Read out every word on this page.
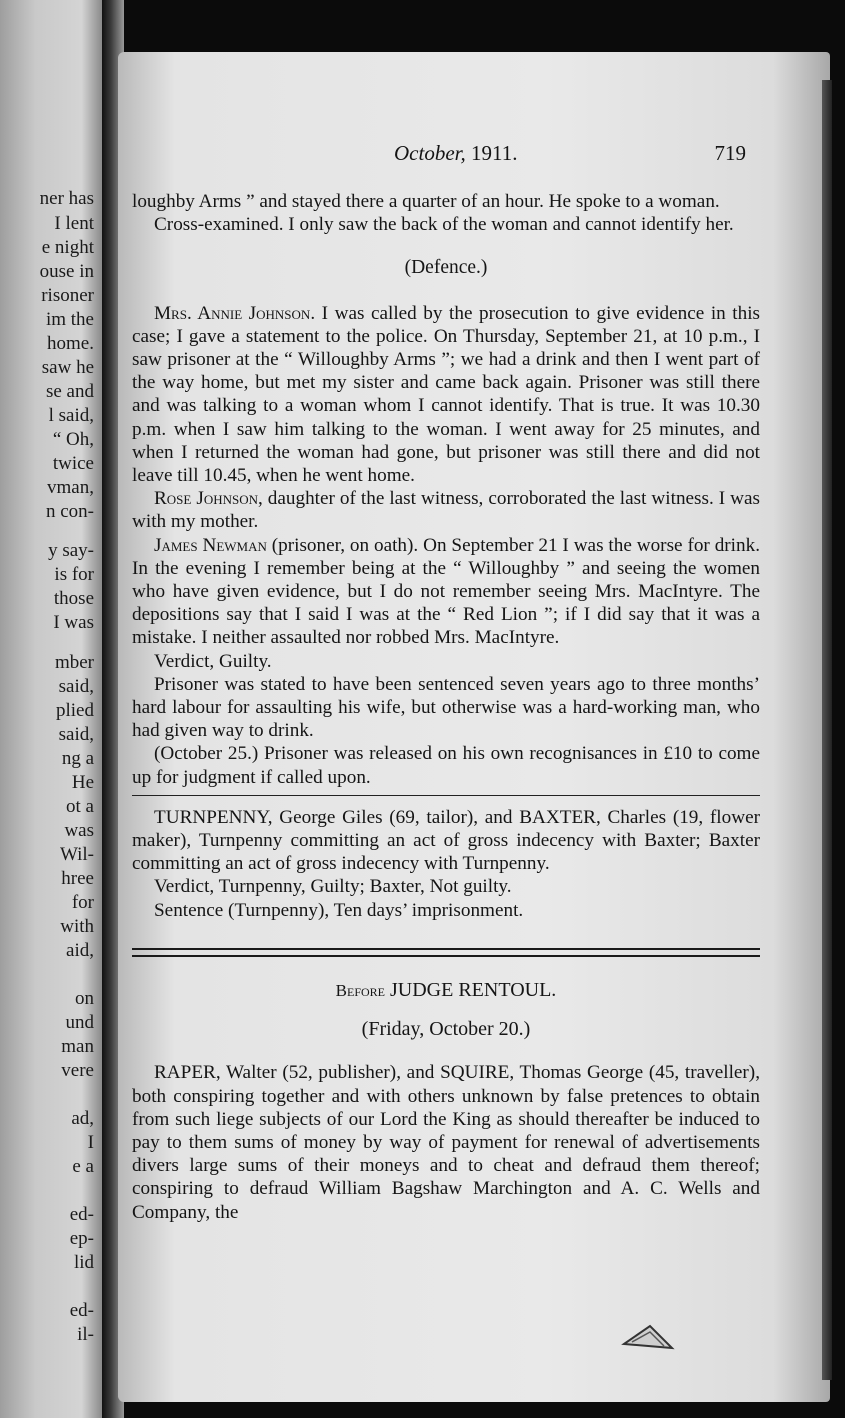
ner has
I lent
e night
ouse in
risoner
im the
home.
saw he
se and
l said,
“ Oh,
twice
vman,
n con-
y say-
is for
those
I was
mber
said,
plied
said,
ng a
He
ot a
was
Wil-
hree
for
with
aid,
on
und
man
vere
ad,
I
e a
ed-
ep-
lid
ed-
il-
October, 1911.	719

loughby Arms ” and stayed there a quarter of an hour. He spoke to a woman.

Cross-examined. I only saw the back of the woman and cannot identify her.

(Defence.)

Mrs. Annie Johnson. I was called by the prosecution to give evidence in this case; I gave a statement to the police. On Thursday, September 21, at 10 p.m., I saw prisoner at the “ Willoughby Arms ”; we had a drink and then I went part of the way home, but met my sister and came back again. Prisoner was still there and was talking to a woman whom I cannot identify. That is true. It was 10.30 p.m. when I saw him talking to the woman. I went away for 25 minutes, and when I returned the woman had gone, but prisoner was still there and did not leave till 10.45, when he went home.

Rose Johnson, daughter of the last witness, corroborated the last witness. I was with my mother.

James Newman (prisoner, on oath). On September 21 I was the worse for drink. In the evening I remember being at the “ Willoughby ” and seeing the women who have given evidence, but I do not remember seeing Mrs. MacIntyre. The depositions say that I said I was at the “ Red Lion ”; if I did say that it was a mistake. I neither assaulted nor robbed Mrs. MacIntyre.

Verdict, Guilty.

Prisoner was stated to have been sentenced seven years ago to three months’ hard labour for assaulting his wife, but otherwise was a hard-working man, who had given way to drink.

(October 25.) Prisoner was released on his own recognisances in £10 to come up for judgment if called upon.

TURNPENNY, George Giles (69, tailor), and BAXTER, Charles (19, flower maker), Turnpenny committing an act of gross indecency with Baxter; Baxter committing an act of gross indecency with Turnpenny.

Verdict, Turnpenny, Guilty; Baxter, Not guilty.

Sentence (Turnpenny), Ten days’ imprisonment.

Before JUDGE RENTOUL.
(Friday, October 20.)

RAPER, Walter (52, publisher), and SQUIRE, Thomas George (45, traveller), both conspiring together and with others unknown by false pretences to obtain from such liege subjects of our Lord the King as should thereafter be induced to pay to them sums of money by way of payment for renewal of advertisements divers large sums of their moneys and to cheat and defraud them thereof; conspiring to defraud William Bagshaw Marchington and A. C. Wells and Company, the
